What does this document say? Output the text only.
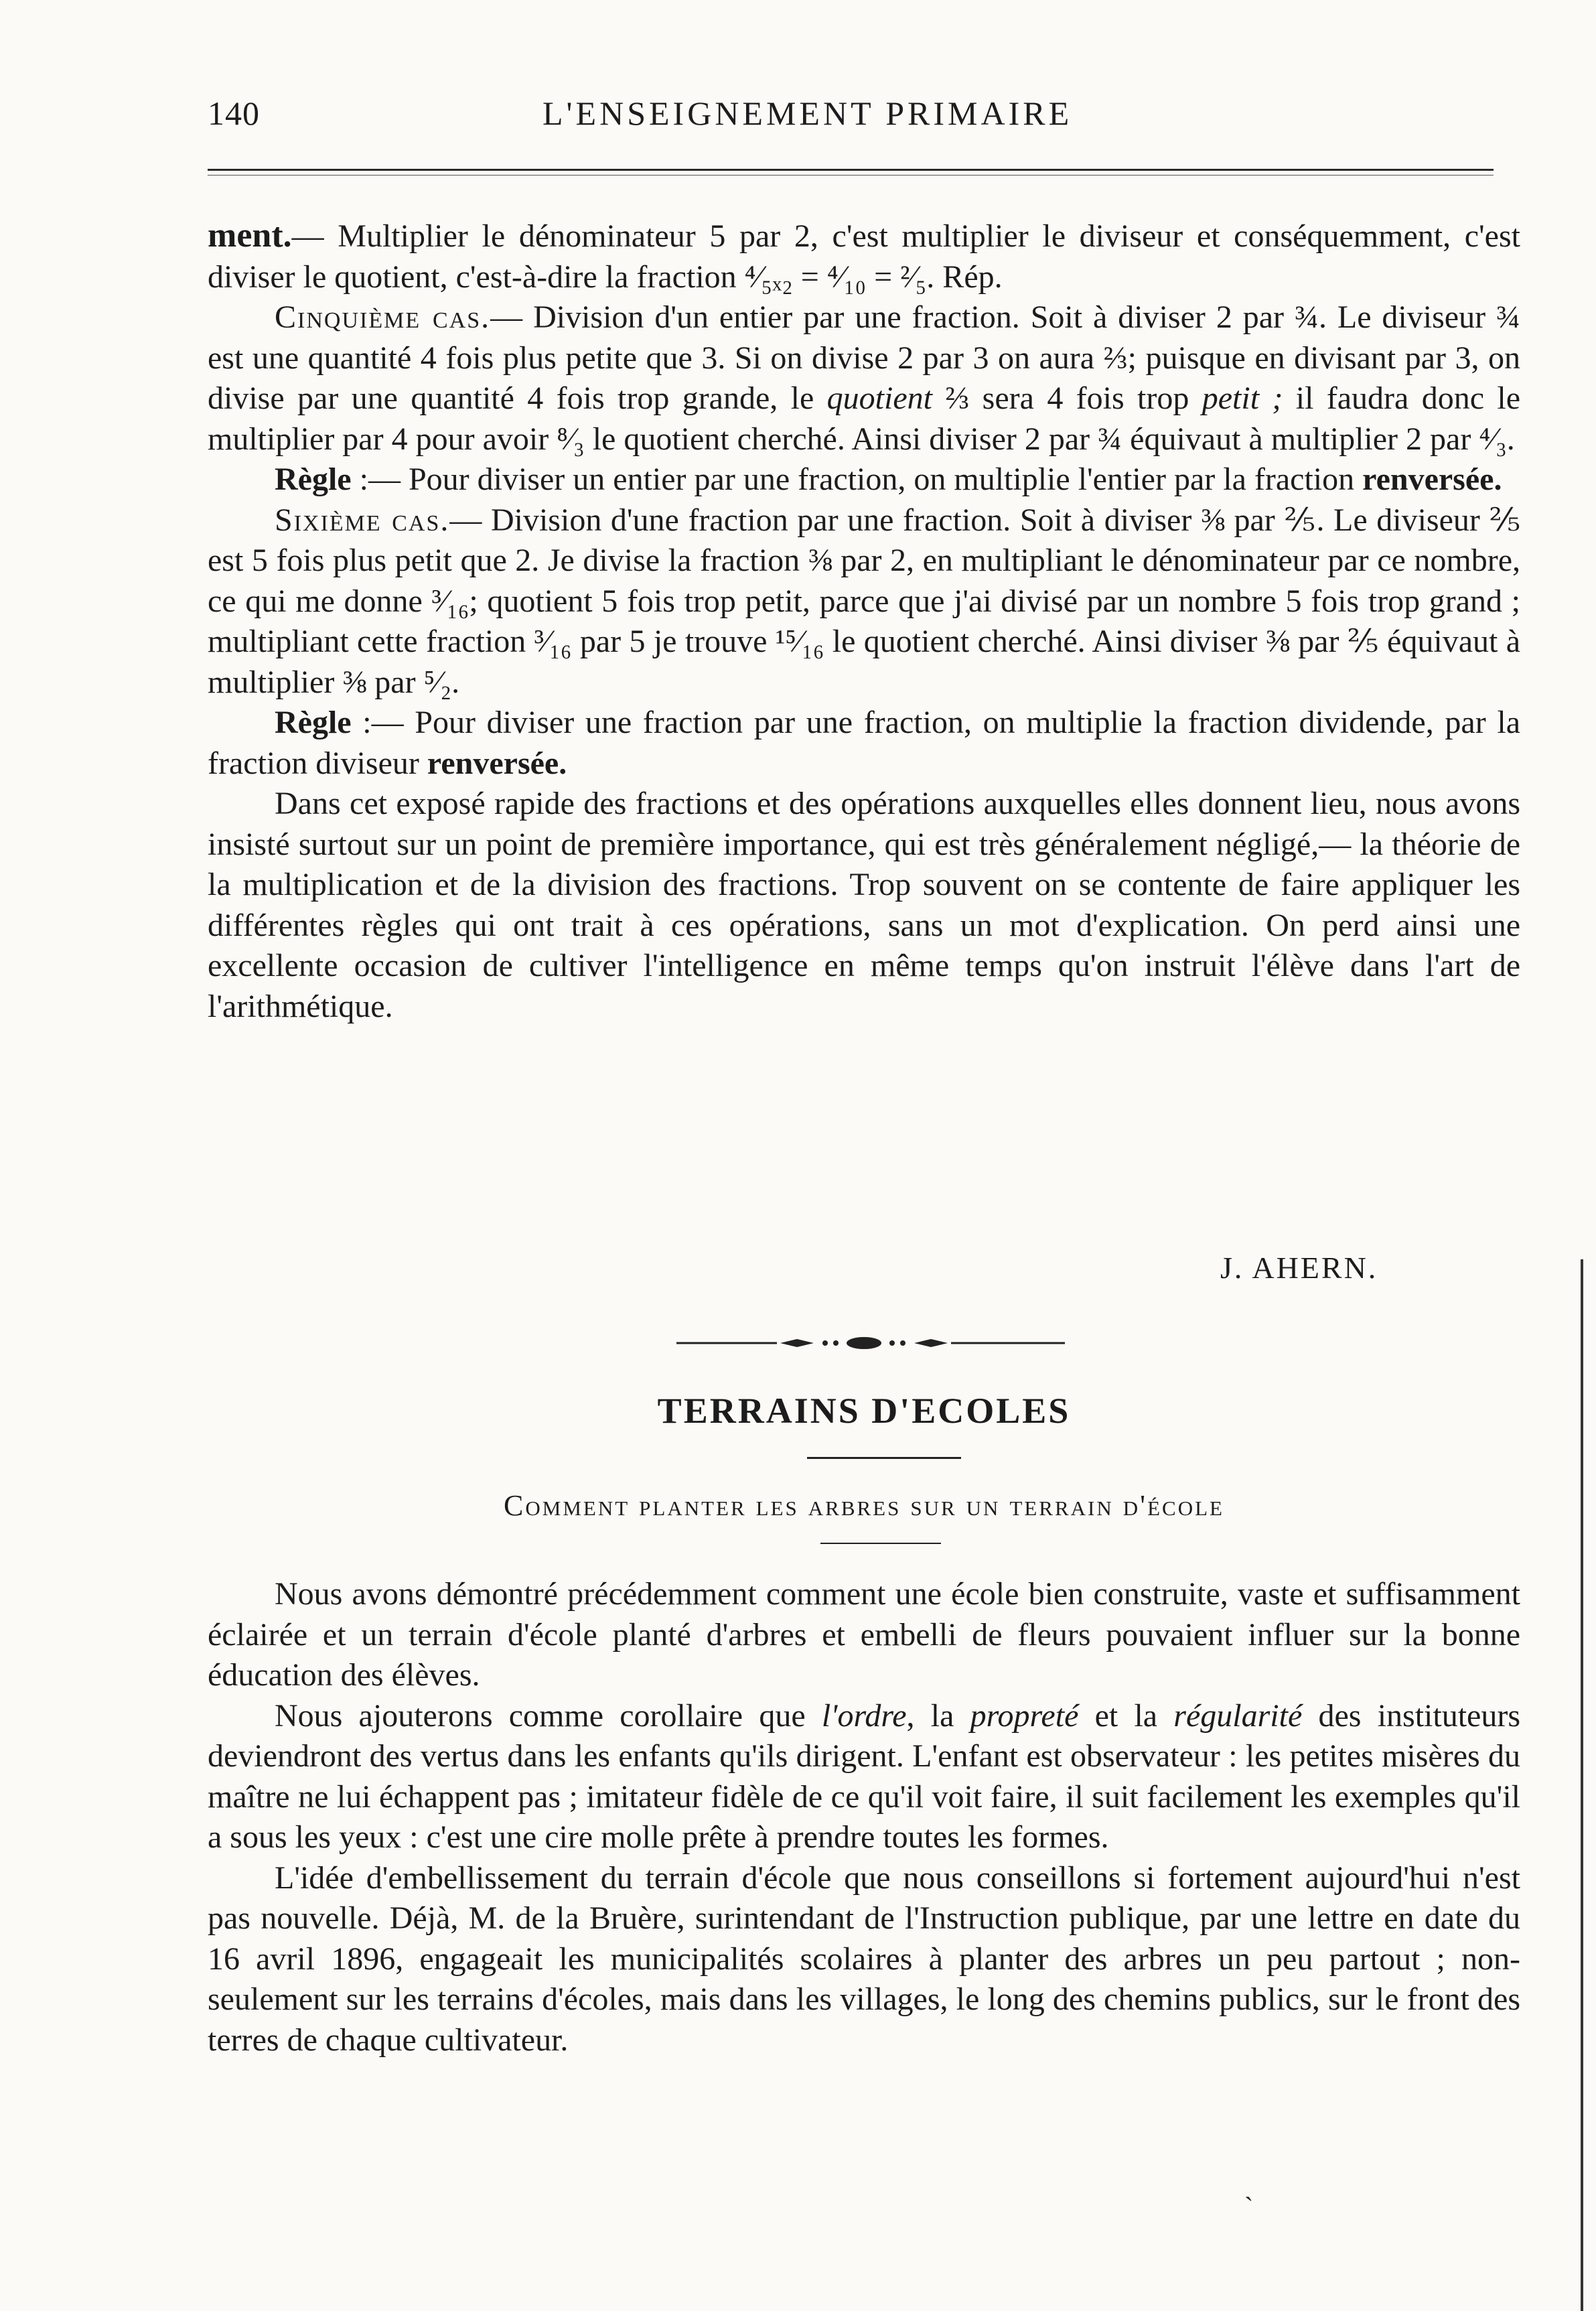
140	L'ENSEIGNEMENT PRIMAIRE

ment.— Multiplier le dénominateur 5 par 2, c'est multiplier le diviseur et conséquemment, c'est diviser le quotient, c'est-à-dire la fraction ⁴⁄₅ₓ₂ = ⁴⁄₁₀ = ²⁄₅. Rép.

Cinquième cas.— Division d'un entier par une fraction. Soit à diviser 2 par ¾. Le diviseur ¾ est une quantité 4 fois plus petite que 3. Si on divise 2 par 3 on aura ⅔; puisque en divisant par 3, on divise par une quantité 4 fois trop grande, le quotient ⅔ sera 4 fois trop petit ; il faudra donc le multiplier par 4 pour avoir ⁸⁄₃ le quotient cherché. Ainsi diviser 2 par ¾ équivaut à multiplier 2 par ⁴⁄₃.

Règle :— Pour diviser un entier par une fraction, on multiplie l'entier par la fraction renversée.

Sixième cas.— Division d'une fraction par une fraction. Soit à diviser ⅜ par ⅖. Le diviseur ⅖ est 5 fois plus petit que 2. Je divise la fraction ⅜ par 2, en multipliant le dénominateur par ce nombre, ce qui me donne ³⁄₁₆; quotient 5 fois trop petit, parce que j'ai divisé par un nombre 5 fois trop grand ; multipliant cette fraction ³⁄₁₆ par 5 je trouve ¹⁵⁄₁₆ le quotient cherché. Ainsi diviser ⅜ par ⅖ équivaut à multiplier ⅜ par ⁵⁄₂.

Règle :— Pour diviser une fraction par une fraction, on multiplie la fraction dividende, par la fraction diviseur renversée.

Dans cet exposé rapide des fractions et des opérations auxquelles elles donnent lieu, nous avons insisté surtout sur un point de première importance, qui est très généralement négligé,— la théorie de la multiplication et de la division des fractions. Trop souvent on se contente de faire appliquer les différentes règles qui ont trait à ces opérations, sans un mot d'explication. On perd ainsi une excellente occasion de cultiver l'intelligence en même temps qu'on instruit l'élève dans l'art de l'arithmétique.

J. AHERN.
TERRAINS D'ECOLES
Comment planter les arbres sur un terrain d'école

Nous avons démontré précédemment comment une école bien construite, vaste et suffisamment éclairée et un terrain d'école planté d'arbres et embelli de fleurs pouvaient influer sur la bonne éducation des élèves.

Nous ajouterons comme corollaire que l'ordre, la propreté et la régularité des instituteurs deviendront des vertus dans les enfants qu'ils dirigent. L'enfant est observateur : les petites misères du maître ne lui échappent pas ; imitateur fidèle de ce qu'il voit faire, il suit facilement les exemples qu'il a sous les yeux : c'est une cire molle prête à prendre toutes les formes.

L'idée d'embellissement du terrain d'école que nous conseillons si fortement aujourd'hui n'est pas nouvelle. Déjà, M. de la Bruère, surintendant de l'Instruction publique, par une lettre en date du 16 avril 1896, engageait les municipalités scolaires à planter des arbres un peu partout ; non-seulement sur les terrains d'écoles, mais dans les villages, le long des chemins publics, sur le front des terres de chaque cultivateur.

ˎ
